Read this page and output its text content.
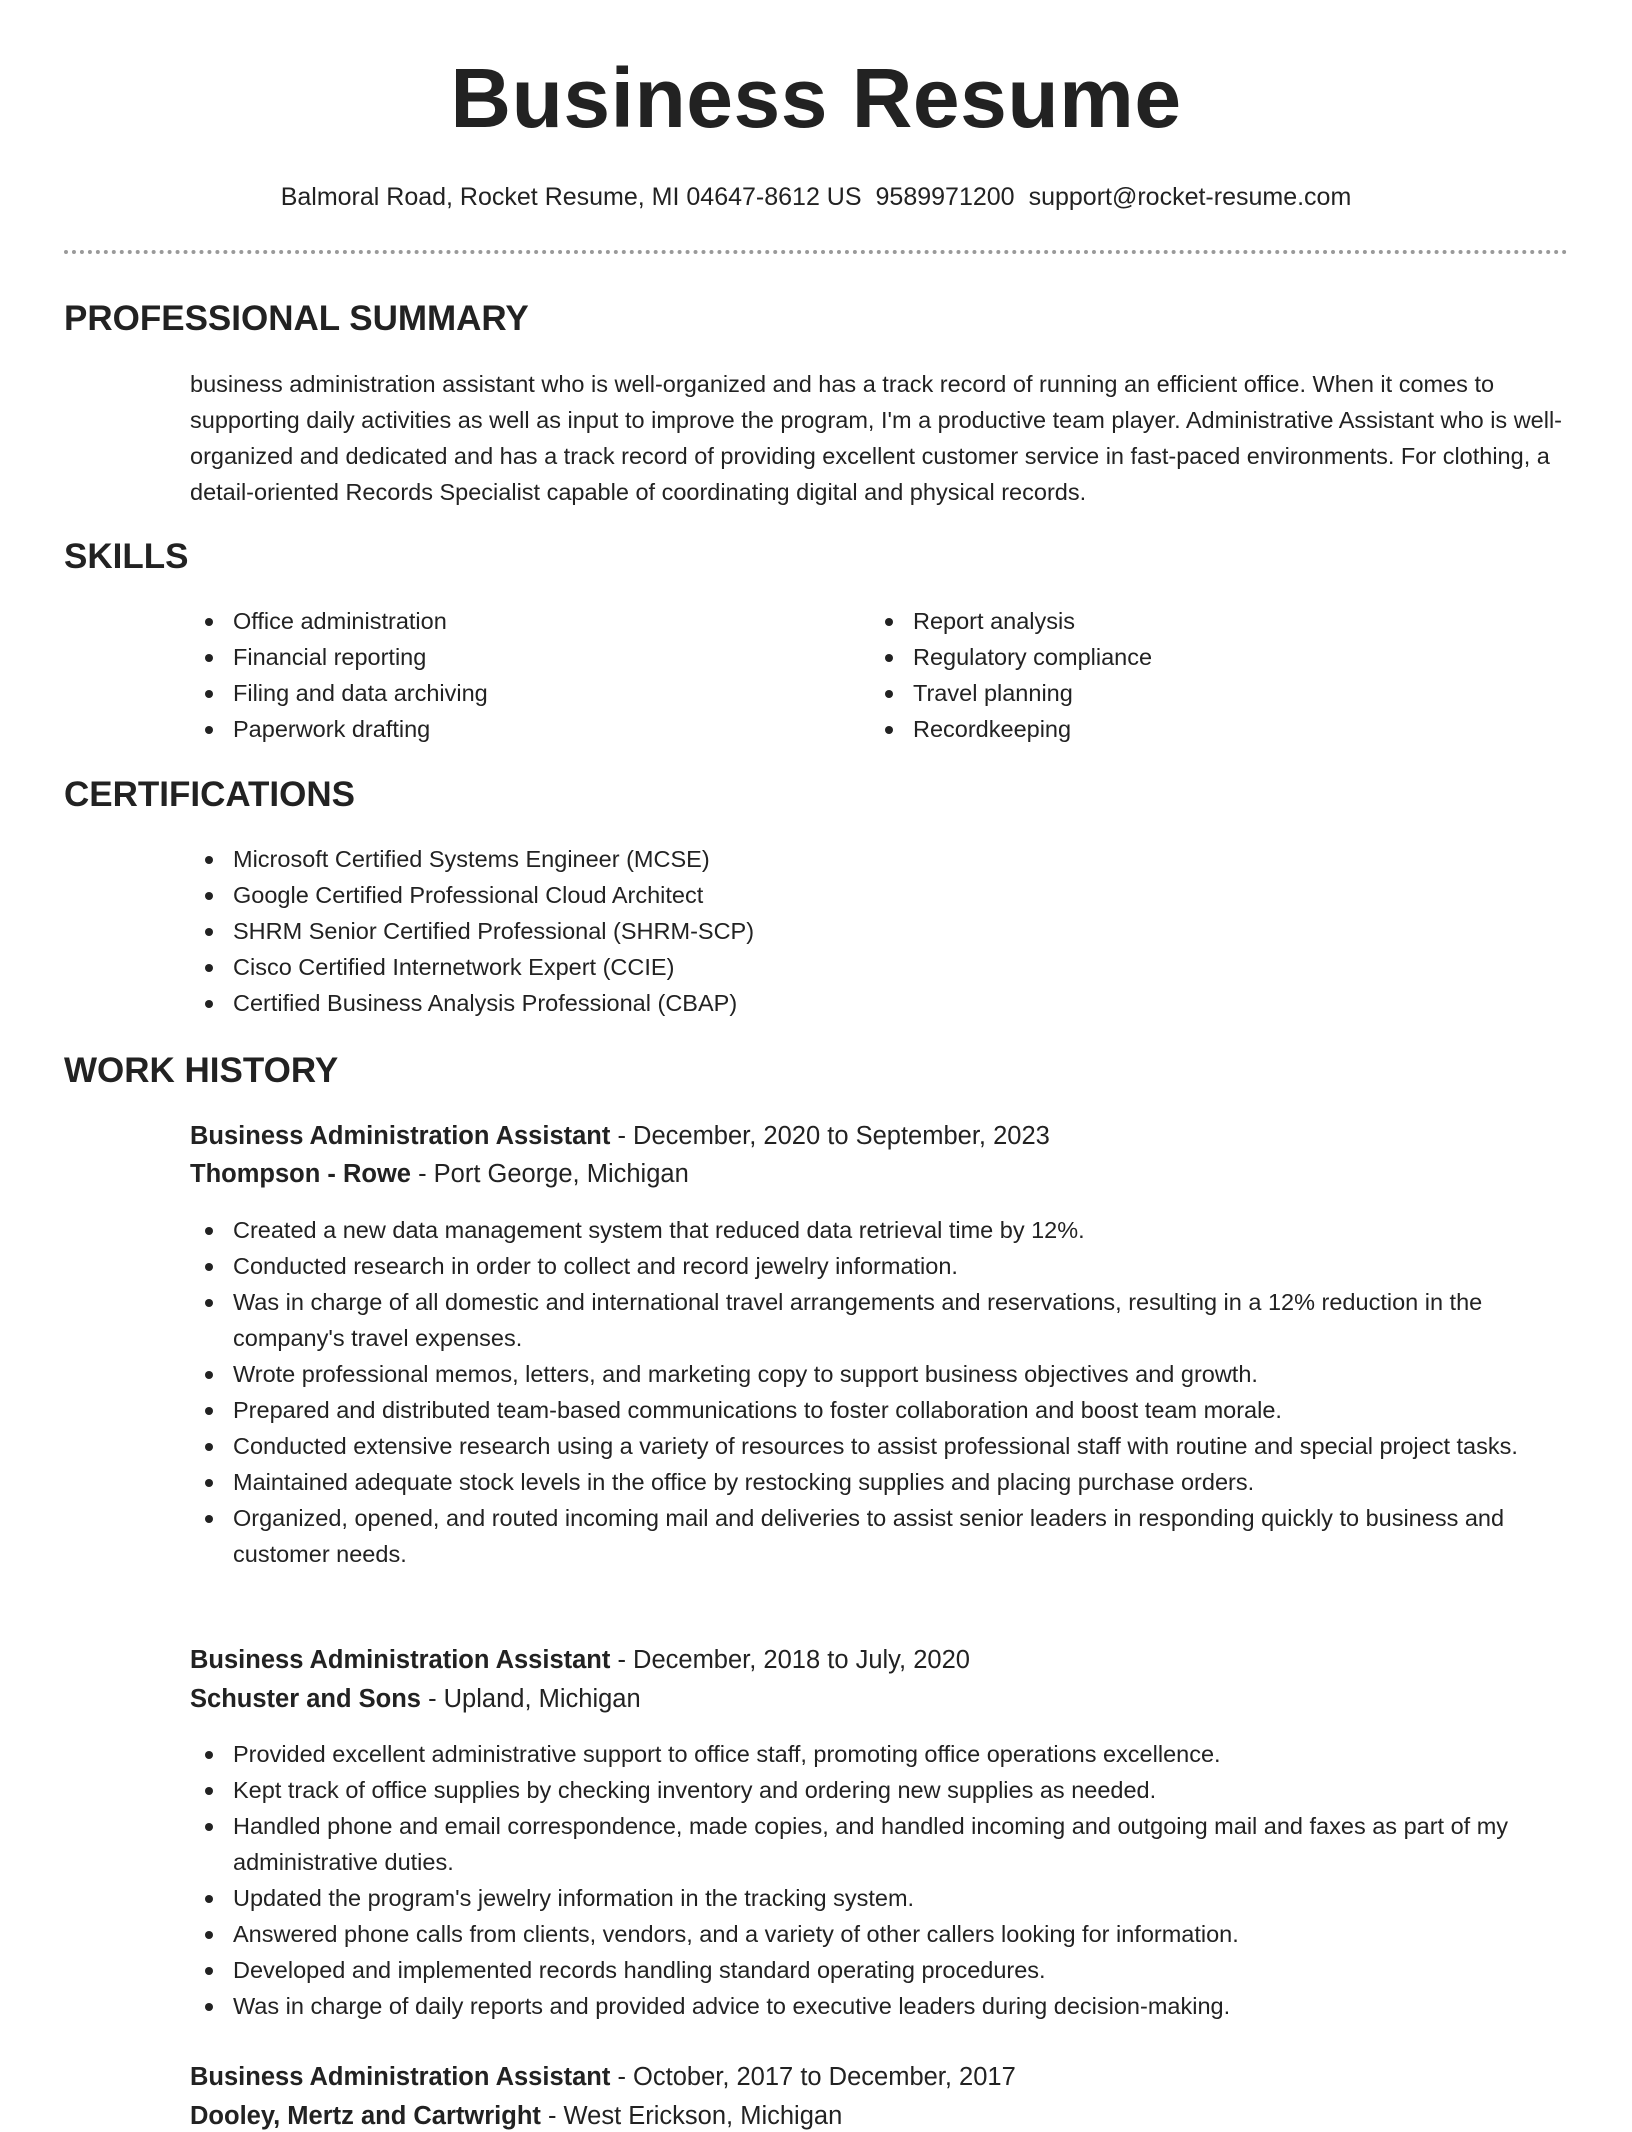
Business Resume
Balmoral Road, Rocket Resume, MI 04647-8612 US 9589971200 support@rocket-resume.com
PROFESSIONAL SUMMARY
business administration assistant who is well-organized and has a track record of running an efficient office. When it comes to supporting daily activities as well as input to improve the program, I'm a productive team player. Administrative Assistant who is well-organized and dedicated and has a track record of providing excellent customer service in fast-paced environments. For clothing, a detail-oriented Records Specialist capable of coordinating digital and physical records.
SKILLS
Office administration
Financial reporting
Filing and data archiving
Paperwork drafting
Report analysis
Regulatory compliance
Travel planning
Recordkeeping
CERTIFICATIONS
Microsoft Certified Systems Engineer (MCSE)
Google Certified Professional Cloud Architect
SHRM Senior Certified Professional (SHRM-SCP)
Cisco Certified Internetwork Expert (CCIE)
Certified Business Analysis Professional (CBAP)
WORK HISTORY
Business Administration Assistant - December, 2020 to September, 2023
Thompson - Rowe - Port George, Michigan
Created a new data management system that reduced data retrieval time by 12%.
Conducted research in order to collect and record jewelry information.
Was in charge of all domestic and international travel arrangements and reservations, resulting in a 12% reduction in the company's travel expenses.
Wrote professional memos, letters, and marketing copy to support business objectives and growth.
Prepared and distributed team-based communications to foster collaboration and boost team morale.
Conducted extensive research using a variety of resources to assist professional staff with routine and special project tasks.
Maintained adequate stock levels in the office by restocking supplies and placing purchase orders.
Organized, opened, and routed incoming mail and deliveries to assist senior leaders in responding quickly to business and customer needs.
Business Administration Assistant - December, 2018 to July, 2020
Schuster and Sons - Upland, Michigan
Provided excellent administrative support to office staff, promoting office operations excellence.
Kept track of office supplies by checking inventory and ordering new supplies as needed.
Handled phone and email correspondence, made copies, and handled incoming and outgoing mail and faxes as part of my administrative duties.
Updated the program's jewelry information in the tracking system.
Answered phone calls from clients, vendors, and a variety of other callers looking for information.
Developed and implemented records handling standard operating procedures.
Was in charge of daily reports and provided advice to executive leaders during decision-making.
Business Administration Assistant - October, 2017 to December, 2017
Dooley, Mertz and Cartwright - West Erickson, Michigan
